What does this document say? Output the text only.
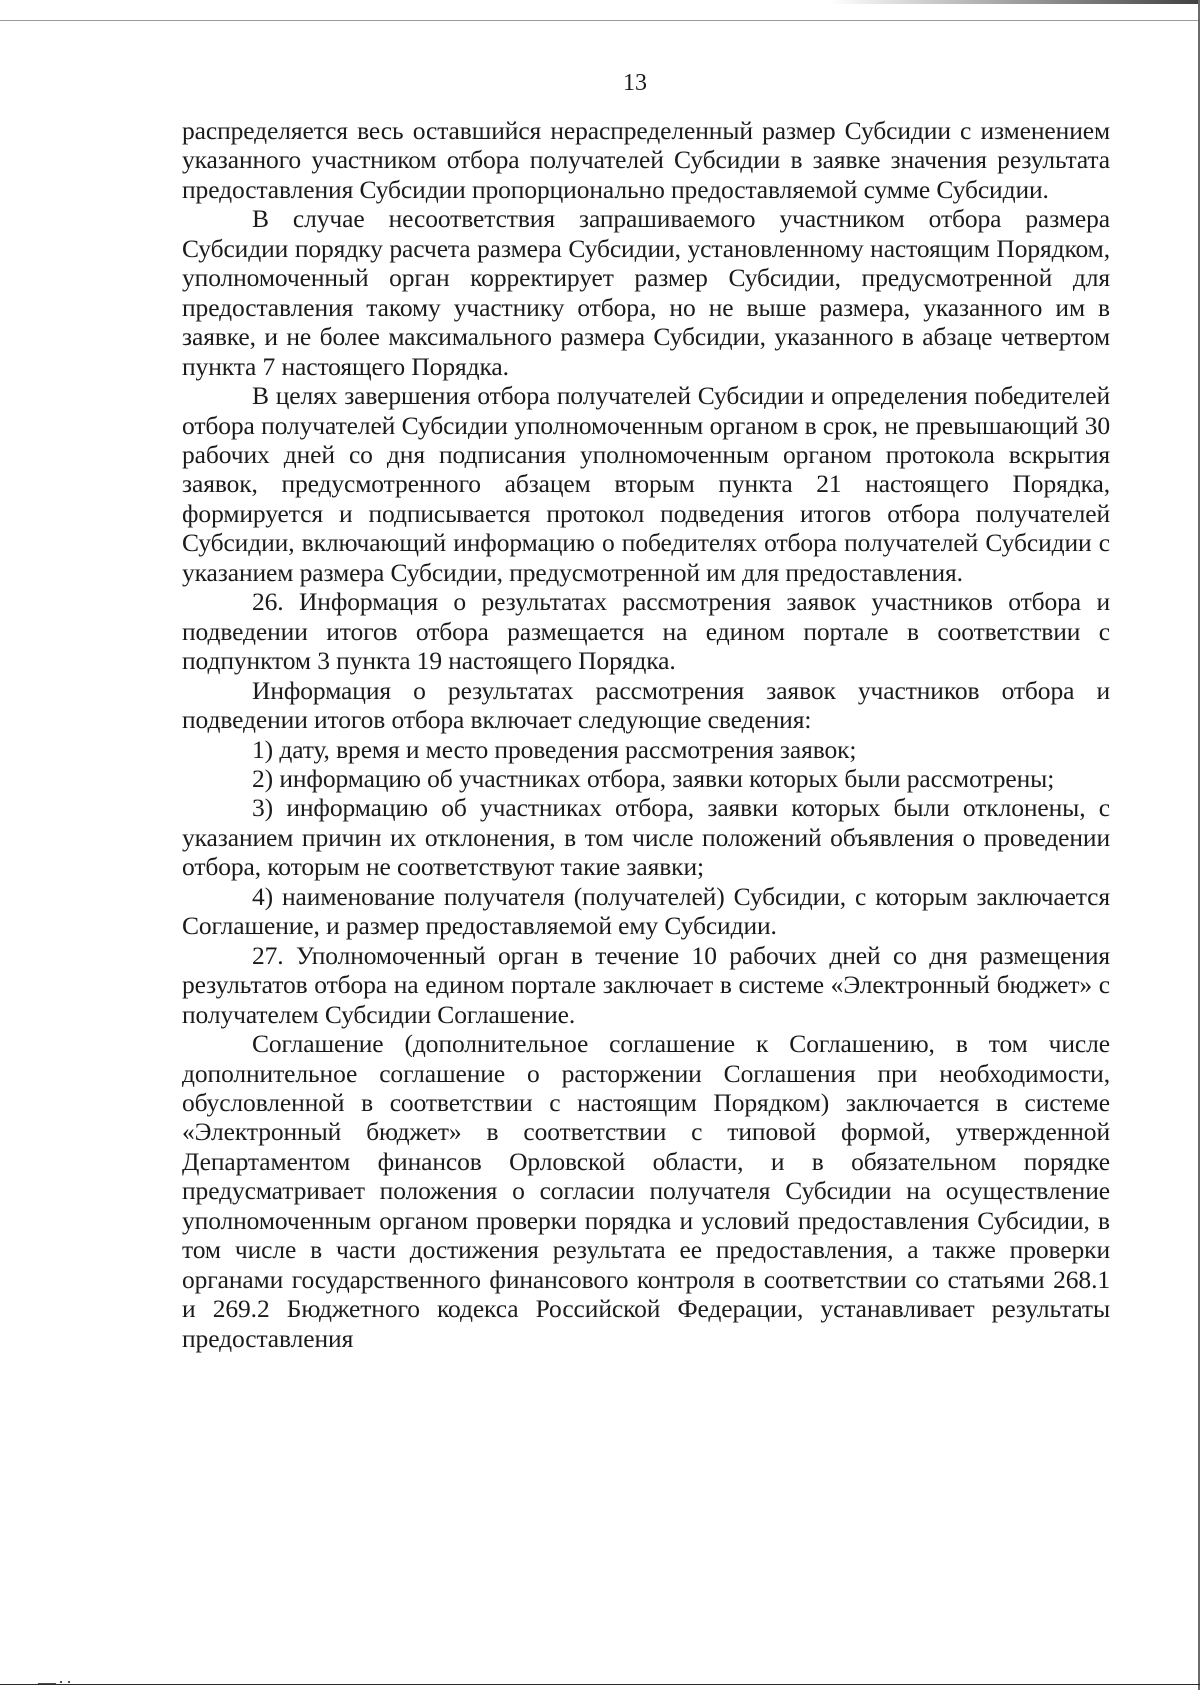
—··
13

распределяется весь оставшийся нераспределенный размер Субсидии с изменением указанного участником отбора получателей Субсидии в заявке значения результата предоставления Субсидии пропорционально предоставляемой сумме Субсидии.

В случае несоответствия запрашиваемого участником отбора размера Субсидии порядку расчета размера Субсидии, установленному настоящим Порядком, уполномоченный орган корректирует размер Субсидии, предусмотренной для предоставления такому участнику отбора, но не выше размера, указанного им в заявке, и не более максимального размера Субсидии, указанного в абзаце четвертом пункта 7 настоящего Порядка.

В целях завершения отбора получателей Субсидии и определения победителей отбора получателей Субсидии уполномоченным органом в срок, не превышающий 30 рабочих дней со дня подписания уполномоченным органом протокола вскрытия заявок, предусмотренного абзацем вторым пункта 21 настоящего Порядка, формируется и подписывается протокол подведения итогов отбора получателей Субсидии, включающий информацию о победителях отбора получателей Субсидии с указанием размера Субсидии, предусмотренной им для предоставления.

26. Информация о результатах рассмотрения заявок участников отбора и подведении итогов отбора размещается на едином портале в соответствии с подпунктом 3 пункта 19 настоящего Порядка.

Информация о результатах рассмотрения заявок участников отбора и подведении итогов отбора включает следующие сведения:

1) дату, время и место проведения рассмотрения заявок;

2) информацию об участниках отбора, заявки которых были рассмотрены;

3) информацию об участниках отбора, заявки которых были отклонены, с указанием причин их отклонения, в том числе положений объявления о проведении отбора, которым не соответствуют такие заявки;

4) наименование получателя (получателей) Субсидии, с которым заключается Соглашение, и размер предоставляемой ему Субсидии.

27. Уполномоченный орган в течение 10 рабочих дней со дня размещения результатов отбора на едином портале заключает в системе «Электронный бюджет» с получателем Субсидии Соглашение.

Соглашение (дополнительное соглашение к Соглашению, в том числе дополнительное соглашение о расторжении Соглашения при необходимости, обусловленной в соответствии с настоящим Порядком) заключается в системе «Электронный бюджет» в соответствии с типовой формой, утвержденной Департаментом финансов Орловской области, и в обязательном порядке предусматривает положения о согласии получателя Субсидии на осуществление уполномоченным органом проверки порядка и условий предоставления Субсидии, в том числе в части достижения результата ее предоставления, а также проверки органами государственного финансового контроля в соответствии со статьями 268.1 и 269.2 Бюджетного кодекса Российской Федерации, устанавливает результаты предоставления
